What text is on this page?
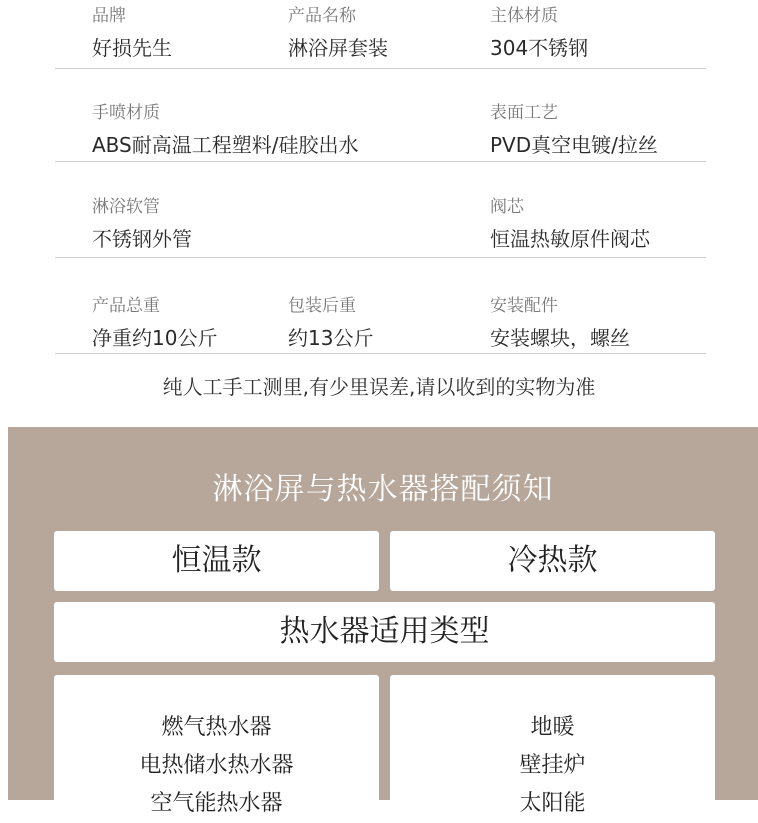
品牌
好损先生
产品名称
淋浴屏套装
主体材质
304不锈钢
手喷材质
ABS耐高温工程塑料/硅胶出水
表面工艺
PVD真空电镀/拉丝
淋浴软管
不锈钢外管
阀芯
恒温热敏原件阀芯
产品总重
净重约10公斤
包装后重
约13公斤
安装配件
安装螺块，螺丝
纯人工手工测里,有少里误差,请以收到的实物为准
淋浴屏与热水器搭配须知
恒温款	冷热款
热水器适用类型
燃气热水器
电热储水热水器
空气能热水器
地暖
壁挂炉
太阳能
